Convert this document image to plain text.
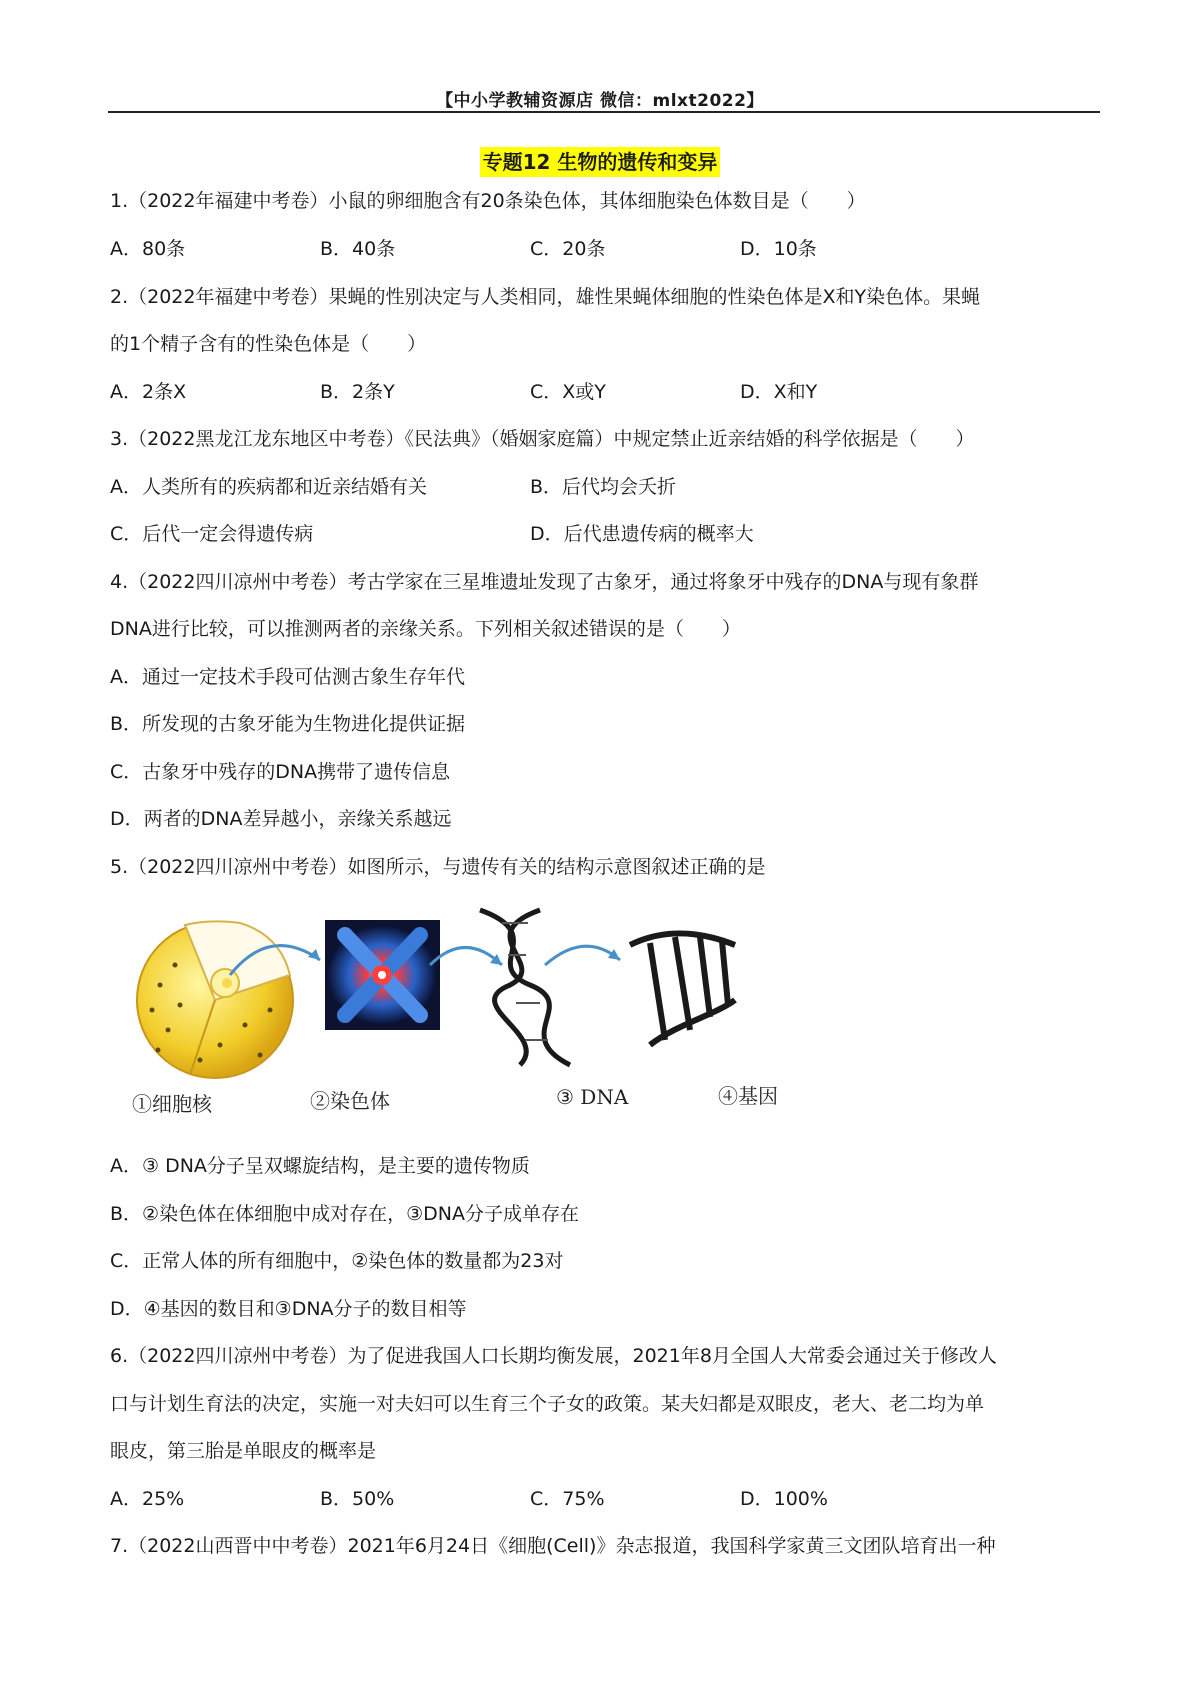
【中小学教辅资源店 微信：mlxt2022】
专题12 生物的遗传和变异
1.（2022年福建中考卷）小鼠的卵细胞含有20条染色体，其体细胞染色体数目是（　　）
A．80条	B．40条	C．20条	D．10条
2.（2022年福建中考卷）果蝇的性别决定与人类相同，雄性果蝇体细胞的性染色体是X和Y染色体。果蝇
的1个精子含有的性染色体是（　　）
A．2条X	B．2条Y	C．X或Y	D．X和Y
3.（2022黑龙江龙东地区中考卷）《民法典》（婚姻家庭篇）中规定禁止近亲结婚的科学依据是（　　）
A．人类所有的疾病都和近亲结婚有关	B．后代均会夭折
C．后代一定会得遗传病	D．后代患遗传病的概率大
4.（2022四川凉州中考卷）考古学家在三星堆遗址发现了古象牙，通过将象牙中残存的DNA与现有象群
DNA进行比较，可以推测两者的亲缘关系。下列相关叙述错误的是（　　）
A．通过一定技术手段可估测古象生存年代
B．所发现的古象牙能为生物进化提供证据
C．古象牙中残存的DNA携带了遗传信息
D．两者的DNA差异越小，亲缘关系越远
5.（2022四川凉州中考卷）如图所示，与遗传有关的结构示意图叙述正确的是
①细胞核	②染色体	③ DNA	④基因
A．③ DNA分子呈双螺旋结构，是主要的遗传物质
B．②染色体在体细胞中成对存在，③DNA分子成单存在
C．正常人体的所有细胞中，②染色体的数量都为23对
D．④基因的数目和③DNA分子的数目相等
6.（2022四川凉州中考卷）为了促进我国人口长期均衡发展，2021年8月全国人大常委会通过关于修改人
口与计划生育法的决定，实施一对夫妇可以生育三个子女的政策。某夫妇都是双眼皮，老大、老二均为单
眼皮，第三胎是单眼皮的概率是
A．25%	B．50%	C．75%	D．100%
7.（2022山西晋中中考卷）2021年6月24日《细胞(Cell)》杂志报道，我国科学家黄三文团队培育出一种
